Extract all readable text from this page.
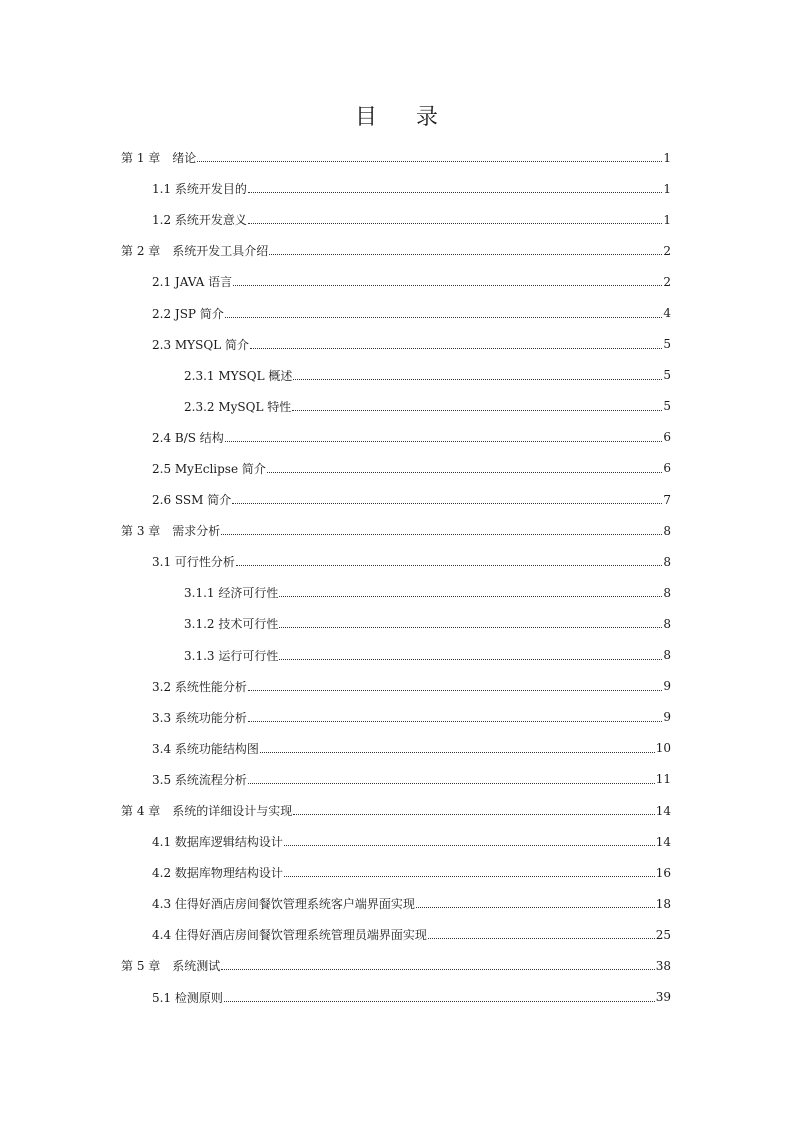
目 录
第 1 章　绪论	1
1.1 系统开发目的	1
1.2 系统开发意义	1
第 2 章　系统开发工具介绍	2
2.1 JAVA 语言	2
2.2 JSP 简介	4
2.3 MYSQL 简介	5
2.3.1 MYSQL 概述	5
2.3.2 MySQL 特性	5
2.4 B/S 结构	6
2.5 MyEclipse 简介	6
2.6 SSM 简介	7
第 3 章　需求分析	8
3.1 可行性分析	8
3.1.1 经济可行性	8
3.1.2 技术可行性	8
3.1.3 运行可行性	8
3.2 系统性能分析	9
3.3 系统功能分析	9
3.4 系统功能结构图	10
3.5 系统流程分析	11
第 4 章　系统的详细设计与实现	14
4.1 数据库逻辑结构设计	14
4.2 数据库物理结构设计	16
4.3 住得好酒店房间餐饮管理系统客户端界面实现	18
4.4 住得好酒店房间餐饮管理系统管理员端界面实现	25
第 5 章　系统测试	38
5.1 检测原则	39
